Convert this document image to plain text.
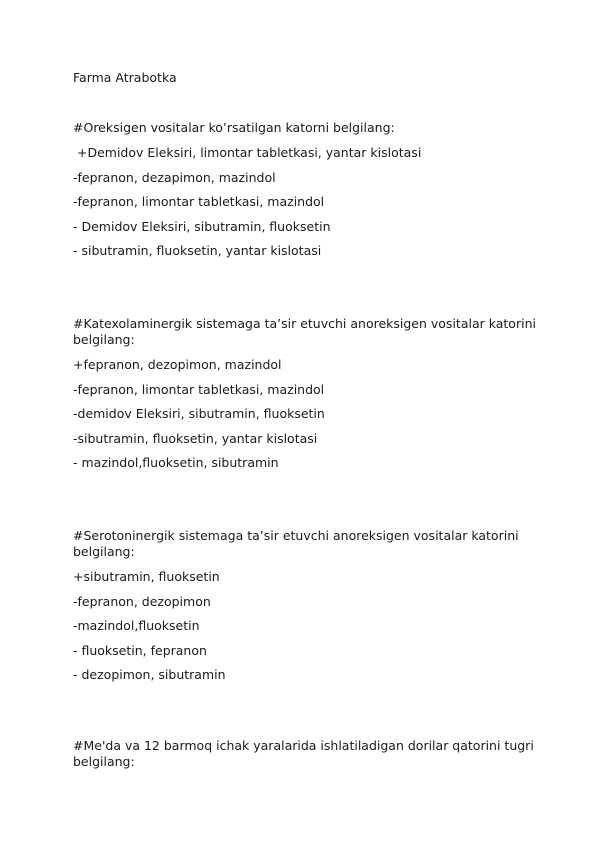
Farma Atrabotka

#Oreksigen vositalar ko’rsatilgan katorni belgilang:

+Demidov Eleksiri, limontar tabletkasi, yantar kislotasi
-fepranon, dezapimon, mazindol
-fepranon, limontar tabletkasi, mazindol
- Demidov Eleksiri, sibutramin, fluoksetin
- sibutramin, fluoksetin, yantar kislotasi

#Katexolaminergik sistemaga ta’sir etuvchi anoreksigen vositalar katorini belgilang:

+fepranon, dezopimon, mazindol
-fepranon, limontar tabletkasi, mazindol
-demidov Eleksiri, sibutramin, fluoksetin
-sibutramin, fluoksetin, yantar kislotasi
- mazindol,fluoksetin, sibutramin

#Serotoninergik sistemaga ta’sir etuvchi anoreksigen vositalar katorini belgilang:

+sibutramin, fluoksetin
-fepranon, dezopimon
-mazindol,fluoksetin
- fluoksetin, fepranon
- dezopimon, sibutramin

#Me'da va 12 barmoq ichak yaralarida ishlatiladigan dorilar qatorini tugri belgilang:
